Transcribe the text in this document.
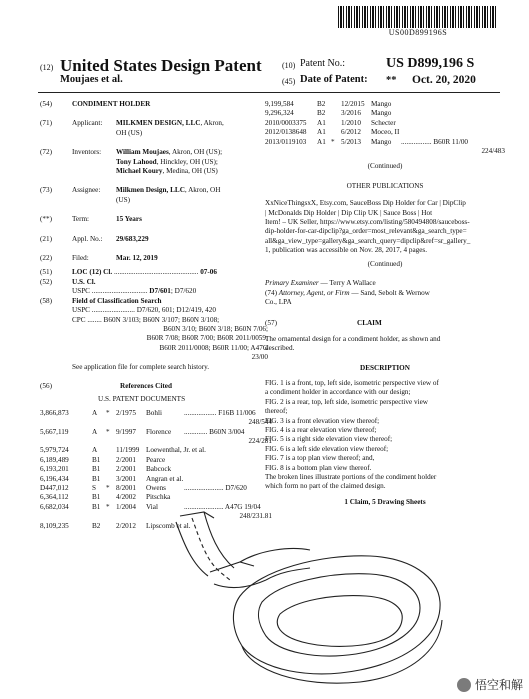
US00D899196S
(12) United States Design Patent
Moujaes et al.
(10) Patent No.:	US D899,196 S
(45) Date of Patent: ** Oct. 20, 2020
(54)	CONDIMENT HOLDER
(71)	Applicant: MILKMEN DESIGN, LLC, Akron,
OH (US)
(72)	Inventors: William Moujaes, Akron, OH (US);
Tony Lahood, Hinckley, OH (US);
Michael Koury, Medina, OH (US)
(73)	Assignee: Milkmen Design, LLC, Akron, OH
(US)
(**)	Term:	15 Years
(21)	Appl. No.: 29/683,229
(22)	Filed:	Mar. 12, 2019
(51)	LOC (12) Cl. ............................................... 07-06
(52)	U.S. Cl.
USPC ............................... D7/601; D7/620
(58)	Field of Classification Search
USPC ........................ D7/620, 601; D12/419, 420
CPC ........ B60N 3/103; B60N 3/107; B60N 3/108;
B60N 3/10; B60N 3/18; B60N 7/06;
B60R 7/08; B60R 7/00; B60R 2011/0059;
B60R 2011/0008; B60R 11/00; A47G
23/00
See application file for complete search history.
(56)	References Cited
U.S. PATENT DOCUMENTS
3,866,873	A * 2/1975 Bohli	.................. F16B 11/006
248/544
5,667,119	A * 9/1997 Florence ............. B60N 3/004
224/281
5,979,724	A	11/1999 Loewenthal, Jr. et al.
6,189,489	B1 2/2001 Pearce
6,193,201	B1 2/2001 Babcock
6,196,434	B1 3/2001 Angran et al.
D447,012	S * 8/2001 Owens	...................... D7/620
6,364,112	B1 4/2002 Pitschka
6,682,034	B1 * 1/2004 Vial	...................... A47G 19/04
248/231.81
8,109,235	B2 2/2012 Lipscomb et al.
9,199,584	B2 12/2015 Mango
9,296,324	B2 3/2016 Mango
2010/0003375 A1 1/2010 Schecter
2012/0138648 A1 6/2012 Moceo, II
2013/0119103 A1 * 5/2013 Mango ................. B60R 11/00
224/483
(Continued)
OTHER PUBLICATIONS
XxNiceThingsxX, Etsy.com, SauceBoss Dip Holder for Car | DipClip
| McDonalds Dip Holder | Dip Clip UK | Sauce Boss | Hot
Item! – UK Seller, https://www.etsy.com/listing/580494808/sauceboss-
dip-holder-for-car-dipclip?ga_order=most_relevant&ga_search_type=
all&ga_view_type=gallery&ga_search_query=dipclip&ref=sr_gallery_
1, publication was accessible on Nov. 28, 2017, 4 pages.
(Continued)
Primary Examiner — Terry A Wallace
(74) Attorney, Agent, or Firm — Sand, Sebolt & Wernow
Co., LPA
(57)	CLAIM
The ornamental design for a condiment holder, as shown and
described.
DESCRIPTION
FIG. 1 is a front, top, left side, isometric perspective view of
a condiment holder in accordance with our design;
FIG. 2 is a rear, top, left side, isometric perspective view
thereof;
FIG. 3 is a front elevation view thereof;
FIG. 4 is a rear elevation view thereof;
FIG. 5 is a right side elevation view thereof;
FIG. 6 is a left side elevation view thereof;
FIG. 7 is a top plan view thereof; and,
FIG. 8 is a bottom plan view thereof.
The broken lines illustrate portions of the condiment holder
which form no part of the claimed design.
1 Claim, 5 Drawing Sheets
悟空和解
